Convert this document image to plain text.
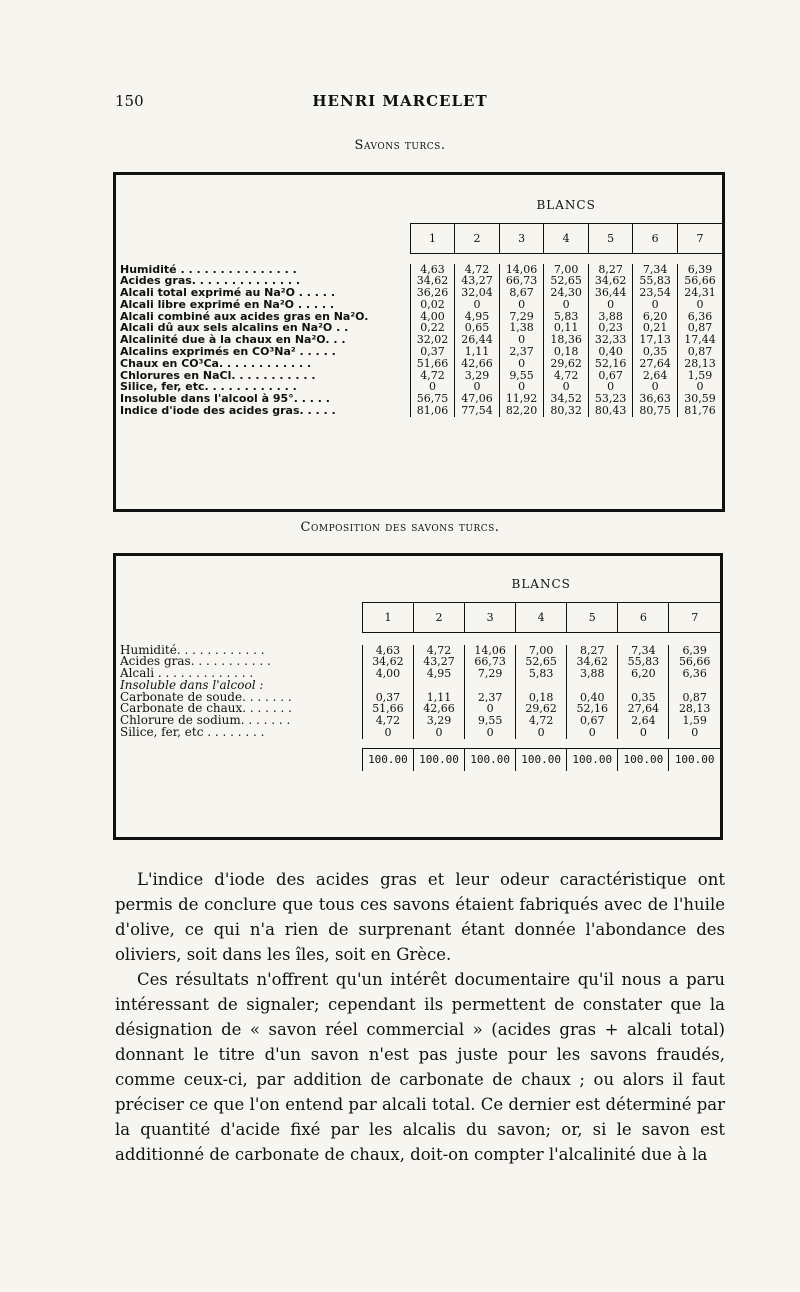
150	HENRI MARCELET
Savons turcs.
	BLANCS						
	1	2	3	4	5	6	7

Humidité . . . . . . . . . . . . . . .	4,63	4,72	14,06	7,00	8,27	7,34	6,39
Acides gras. . . . . . . . . . . . . .	34,62	43,27	66,73	52,65	34,62	55,83	56,66
Alcali total exprimé au Na²O . . . . .	36,26	32,04	8,67	24,30	36,44	23,54	24,31
Alcali libre exprimé en Na²O . . . . .	0,02	0	0	0	0	0	0
Alcali combiné aux acides gras en Na²O.	4,00	4,95	7,29	5,83	3,88	6,20	6,36
Alcali dû aux sels alcalins en Na²O . .	0,22	0,65	1,38	0,11	0,23	0,21	0,87
Alcalinité due à la chaux en Na²O. . .	32,02	26,44	0	18,36	32,33	17,13	17,44
Alcalins exprimés en CO³Na² . . . . .	0,37	1,11	2,37	0,18	0,40	0,35	0,87
Chaux en CO³Ca. . . . . . . . . . . .	51,66	42,66	0	29,62	52,16	27,64	28,13
Chlorures en NaCl. . . . . . . . . . .	4,72	3,29	9,55	4,72	0,67	2,64	1,59
Silice, fer, etc. . . . . . . . . . . .	0	0	0	0	0	0	0
Insoluble dans l'alcool à 95°. . . . .	56,75	47,06	11,92	34,52	53,23	36,63	30,59
Indice d'iode des acides gras. . . . .	81,06	77,54	82,20	80,32	80,43	80,75	81,76
Composition des savons turcs.
	BLANCS						
	1	2	3	4	5	6	7

Humidité. . . . . . . . . . . .	4,63	4,72	14,06	7,00	8,27	7,34	6,39
Acides gras. . . . . . . . . . .	34,62	43,27	66,73	52,65	34,62	55,83	56,66
Alcali . . . . . . . . . . . . .	4,00	4,95	7,29	5,83	3,88	6,20	6,36
Insoluble dans l'alcool :							
Carbonate de soude. . . . . . .	0,37	1,11	2,37	0,18	0,40	0,35	0,87
Carbonate de chaux. . . . . . .	51,66	42,66	0	29,62	52,16	27,64	28,13
Chlorure de sodium. . . . . . .	4,72	3,29	9,55	4,72	0,67	2,64	1,59
Silice, fer, etc . . . . . . . .	0	0	0	0	0	0	0

	100.00	100.00	100.00	100.00	100.00	100.00	100.00

L'indice d'iode des acides gras et leur odeur caractéristique ont permis de conclure que tous ces savons étaient fabriqués avec de l'huile d'olive, ce qui n'a rien de surprenant étant donnée l'abondance des oliviers, soit dans les îles, soit en Grèce.

Ces résultats n'offrent qu'un intérêt documentaire qu'il nous a paru intéressant de signaler; cependant ils permettent de constater que la désignation de « savon réel commercial » (acides gras + alcali total) donnant le titre d'un savon n'est pas juste pour les savons fraudés, comme ceux-ci, par addition de carbonate de chaux ; ou alors il faut préciser ce que l'on entend par alcali total. Ce dernier est déterminé par la quantité d'acide fixé par les alcalis du savon; or, si le savon est additionné de carbonate de chaux, doit-on compter l'alcalinité due à la
